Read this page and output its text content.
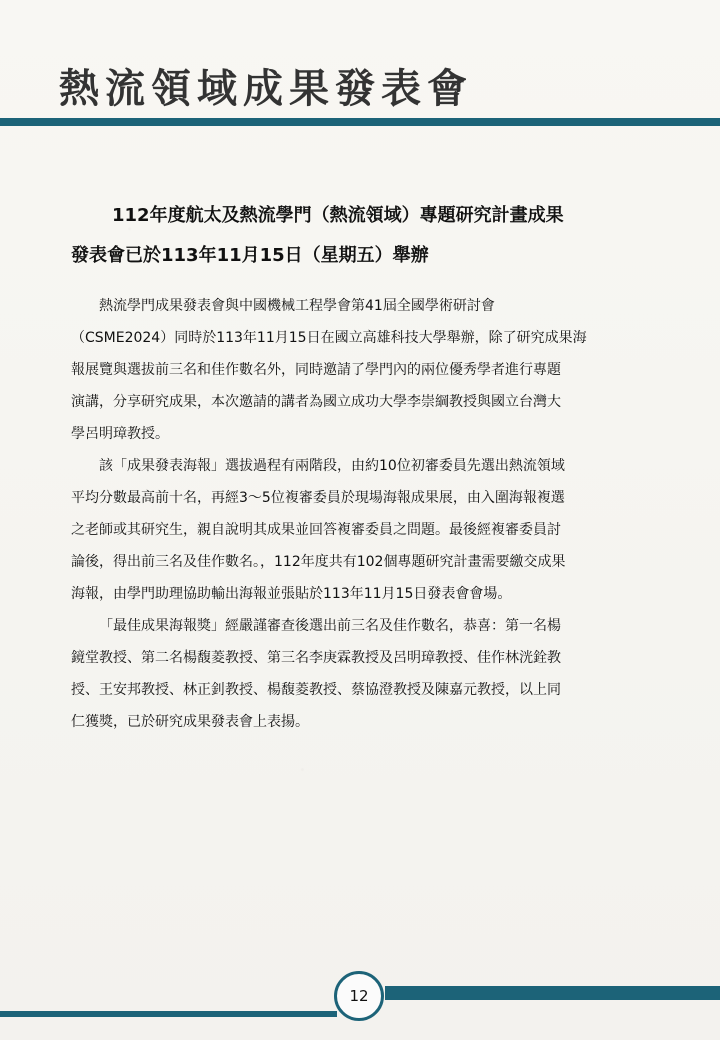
熱流領域成果發表會
112年度航太及熱流學門（熱流領域）專題研究計畫成果
發表會已於113年11月15日（星期五）舉辦

熱流學門成果發表會與中國機械工程學會第41屆全國學術研討會
（CSME2024）同時於113年11月15日在國立高雄科技大學舉辦，除了研究成果海
報展覽與選拔前三名和佳作數名外，同時邀請了學門內的兩位優秀學者進行專題
演講，分享研究成果，本次邀請的講者為國立成功大學李崇綱教授與國立台灣大
學呂明璋教授。

該「成果發表海報」選拔過程有兩階段，由約10位初審委員先選出熱流領域
平均分數最高前十名，再經3～5位複審委員於現場海報成果展，由入圍海報複選
之老師或其研究生，親自說明其成果並回答複審委員之問題。最後經複審委員討
論後，得出前三名及佳作數名。，112年度共有102個專題研究計畫需要繳交成果
海報，由學門助理協助輸出海報並張貼於113年11月15日發表會會場。

「最佳成果海報獎」經嚴謹審查後選出前三名及佳作數名，恭喜：第一名楊
鏡堂教授、第二名楊馥菱教授、第三名李庚霖教授及呂明璋教授、佳作林洸銓教
授、王安邦教授、林正釗教授、楊馥菱教授、蔡協澄教授及陳嘉元教授，以上同
仁獲獎，已於研究成果發表會上表揚。

12
